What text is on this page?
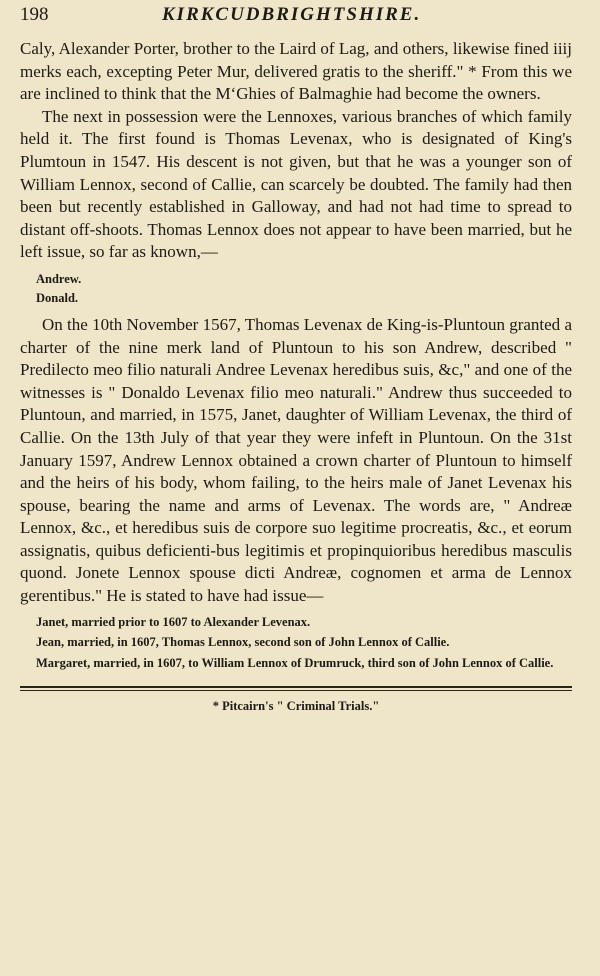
198	KIRKCUDBRIGHTSHIRE.

Caly, Alexander Porter, brother to the Laird of Lag, and others, likewise fined iiij merks each, excepting Peter Mur, delivered gratis to the sheriff." * From this we are inclined to think that the M‘Ghies of Balmaghie had become the owners.

The next in possession were the Lennoxes, various branches of which family held it. The first found is Thomas Levenax, who is designated of King's Plumtoun in 1547. His descent is not given, but that he was a younger son of William Lennox, second of Callie, can scarcely be doubted. The family had then been but recently established in Galloway, and had not had time to spread to distant off-shoots. Thomas Lennox does not appear to have been married, but he left issue, so far as known,—

Andrew.
Donald.

On the 10th November 1567, Thomas Levenax de King-is-Pluntoun granted a charter of the nine merk land of Pluntoun to his son Andrew, described " Predilecto meo filio naturali Andree Levenax heredibus suis, &c," and one of the witnesses is " Donaldo Levenax filio meo naturali." Andrew thus succeeded to Pluntoun, and married, in 1575, Janet, daughter of William Levenax, the third of Callie. On the 13th July of that year they were infeft in Pluntoun. On the 31st January 1597, Andrew Lennox obtained a crown charter of Pluntoun to himself and the heirs of his body, whom failing, to the heirs male of Janet Levenax his spouse, bearing the name and arms of Levenax. The words are, " Andreæ Lennox, &c., et heredibus suis de corpore suo legitime procreatis, &c., et eorum assignatis, quibus deficienti-bus legitimis et propinquioribus heredibus masculis quond. Jonete Lennox spouse dicti Andreæ, cognomen et arma de Lennox gerentibus." He is stated to have had issue—

Janet, married prior to 1607 to Alexander Levenax.
Jean, married, in 1607, Thomas Lennox, second son of John Lennox of Callie.
Margaret, married, in 1607, to William Lennox of Drumruck, third son of John Lennox of Callie.
* Pitcairn's " Criminal Trials."
